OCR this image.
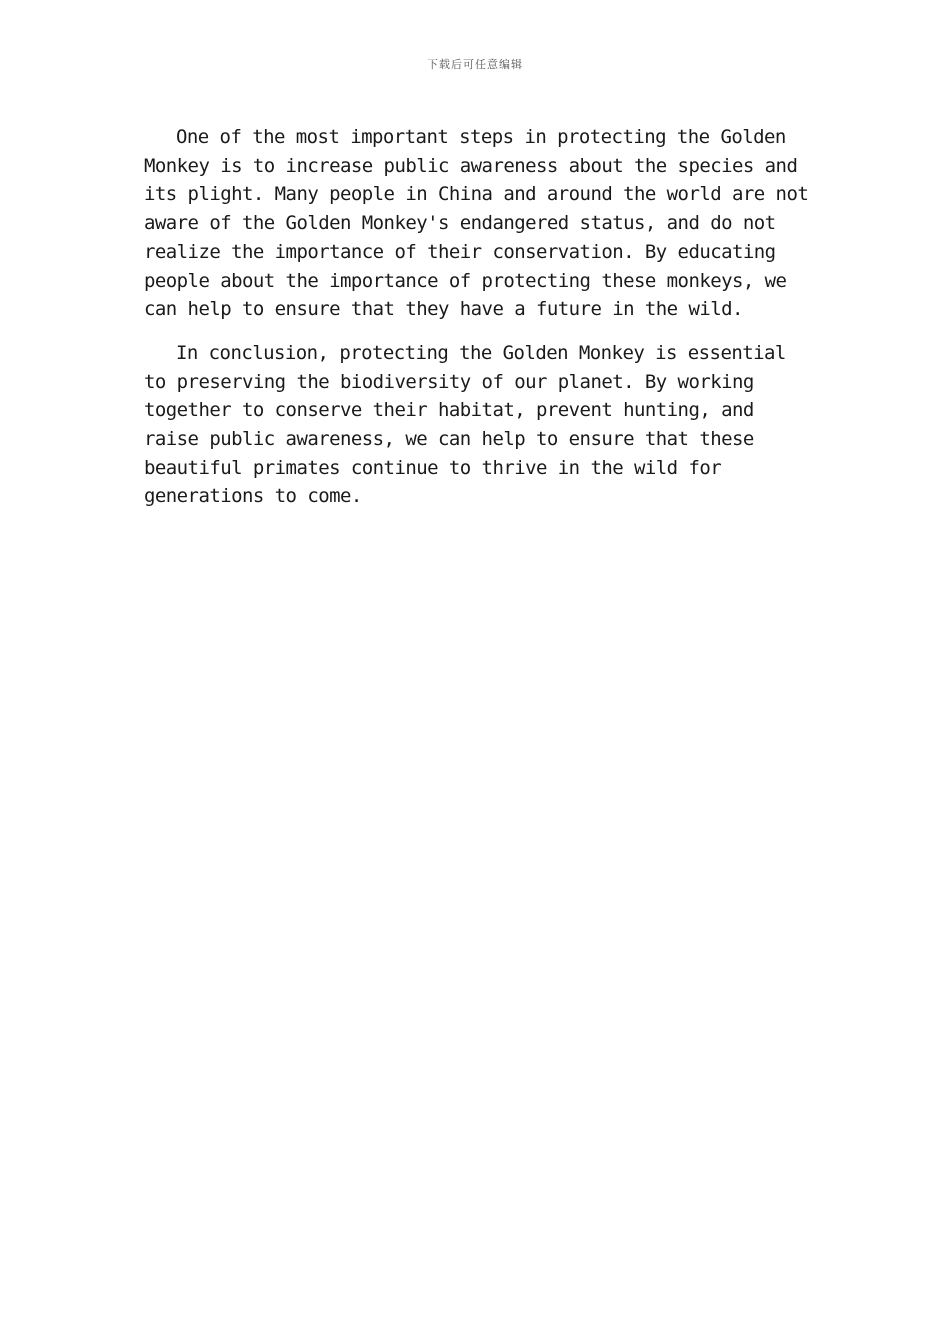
下载后可任意编辑

One of the most important steps in protecting the Golden Monkey is to increase public awareness about the species and its plight. Many people in China and around the world are not aware of the Golden Monkey's endangered status, and do not realize the importance of their conservation. By educating people about the importance of protecting these monkeys, we can help to ensure that they have a future in the wild.

In conclusion, protecting the Golden Monkey is essential to preserving the biodiversity of our planet. By working together to conserve their habitat, prevent hunting, and raise public awareness, we can help to ensure that these beautiful primates continue to thrive in the wild for generations to come.
